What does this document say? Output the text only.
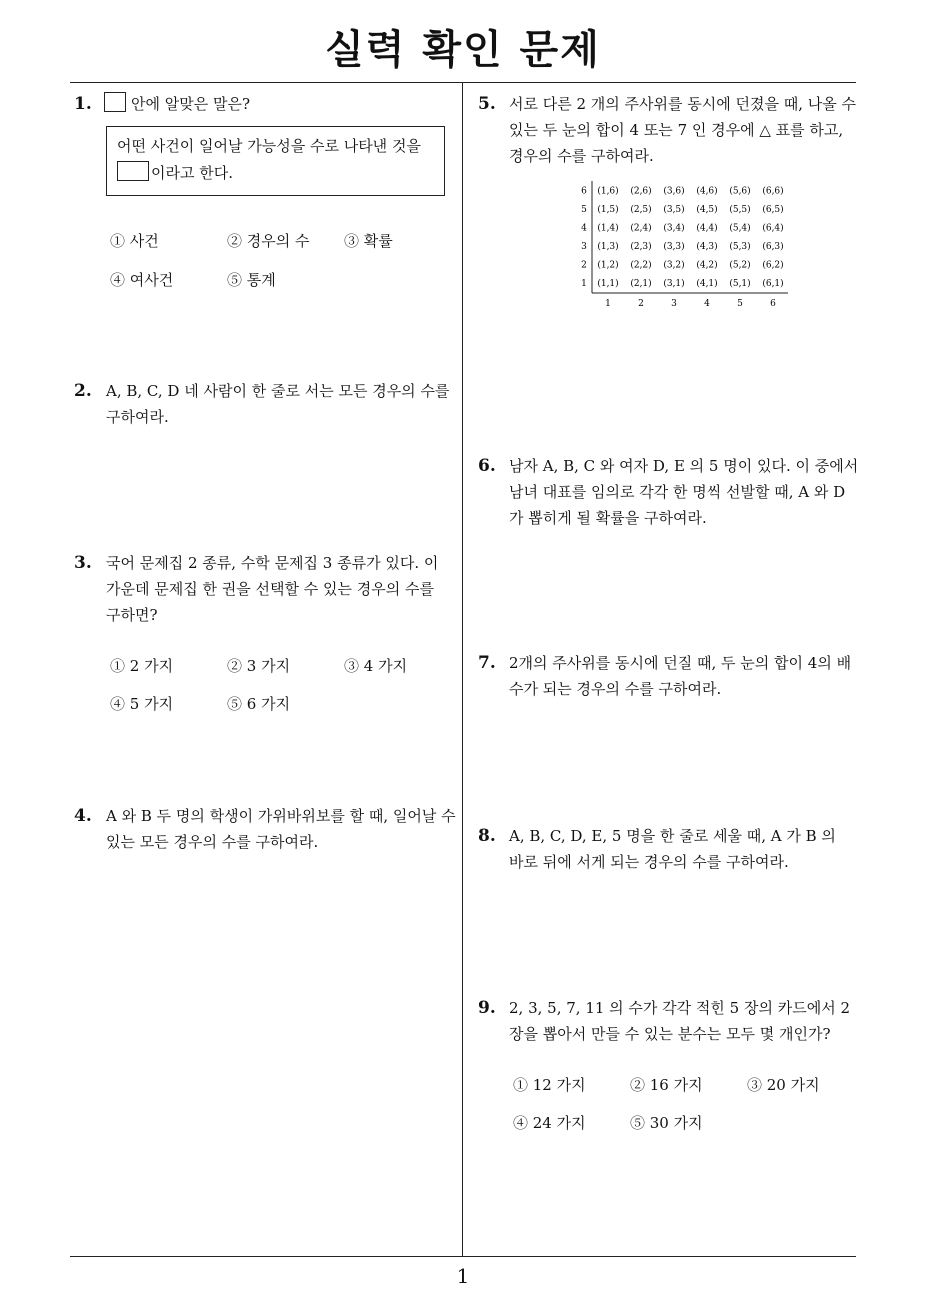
실력 확인 문제
1.	안에 알맞은 말은?
어떤 사건이 일어날 가능성을 수로 나타낸 것을
이라고 한다.
① 사건	② 경우의 수 ③ 확률
④ 여사건	⑤ 통계
2. A, B, C, D 네 사람이 한 줄로 서는 모든 경우의 수를
구하여라.
3. 국어 문제집 2 종류, 수학 문제집 3 종류가 있다. 이
가운데 문제집 한 권을 선택할 수 있는 경우의 수를
구하면?
① 2 가지	② 3 가지	③ 4 가지
④ 5 가지	⑤ 6 가지
4. A 와 B 두 명의 학생이 가위바위보를 할 때, 일어날 수
있는 모든 경우의 수를 구하여라.
5. 서로 다른 2 개의 주사위를 동시에 던졌을 때, 나올 수
있는 두 눈의 합이 4 또는 7 인 경우에 △ 표를 하고,
경우의 수를 구하여라.
6 (1,6) (2,6) (3,6) (4,6) (5,6) (6,6)
5 (1,5) (2,5) (3,5) (4,5) (5,5) (6,5)
4 (1,4) (2,4) (3,4) (4,4) (5,4) (6,4)
3 (1,3) (2,3) (3,3) (4,3) (5,3) (6,3)
2 (1,2) (2,2) (3,2) (4,2) (5,2) (6,2)
1 (1,1) (2,1) (3,1) (4,1) (5,1) (6,1)
1	2	3	4	5	6
6. 남자 A, B, C 와 여자 D, E 의 5 명이 있다. 이 중에서
남녀 대표를 임의로 각각 한 명씩 선발할 때, A 와 D
가 뽑히게 될 확률을 구하여라.
7. 2개의 주사위를 동시에 던질 때, 두 눈의 합이 4의 배
수가 되는 경우의 수를 구하여라.
8. A, B, C, D, E, 5 명을 한 줄로 세울 때, A 가 B 의
바로 뒤에 서게 되는 경우의 수를 구하여라.
9. 2, 3, 5, 7, 11 의 수가 각각 적힌 5 장의 카드에서 2
장을 뽑아서 만들 수 있는 분수는 모두 몇 개인가?
① 12 가지	② 16 가지	③ 20 가지
④ 24 가지	⑤ 30 가지
1
